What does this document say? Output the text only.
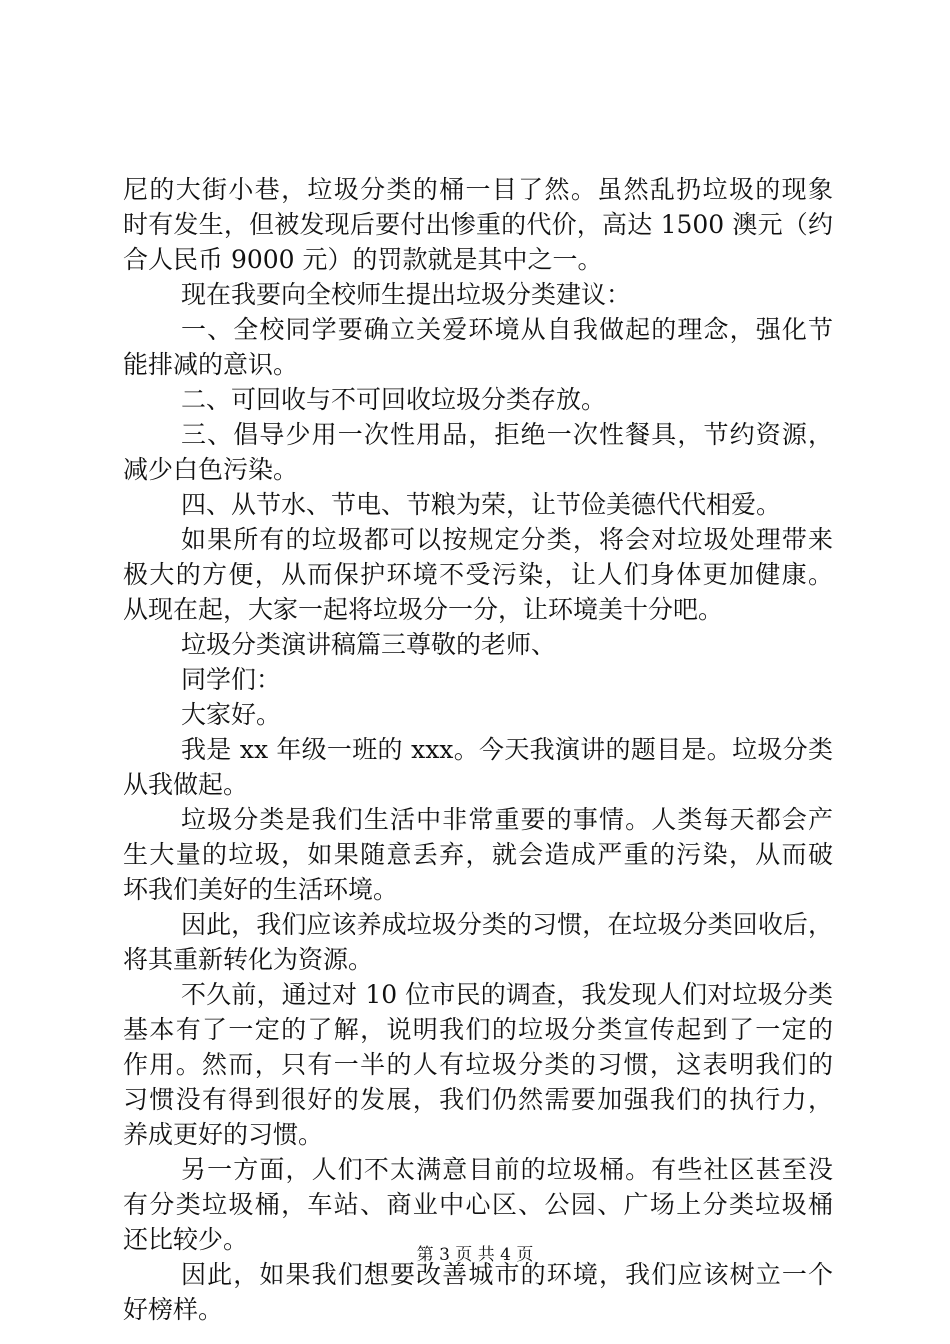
尼的大街小巷，垃圾分类的桶一目了然。虽然乱扔垃圾的现象
时有发生，但被发现后要付出惨重的代价，高达 1500 澳元（约
合人民币 9000 元）的罚款就是其中之一。
现在我要向全校师生提出垃圾分类建议：
一、全校同学要确立关爱环境从自我做起的理念，强化节
能排减的意识。
二、可回收与不可回收垃圾分类存放。
三、倡导少用一次性用品，拒绝一次性餐具，节约资源，
减少白色污染。
四、从节水、节电、节粮为荣，让节俭美德代代相爱。
如果所有的垃圾都可以按规定分类，将会对垃圾处理带来
极大的方便，从而保护环境不受污染，让人们身体更加健康。
从现在起，大家一起将垃圾分一分，让环境美十分吧。
垃圾分类演讲稿篇三尊敬的老师、
同学们：
大家好。
我是 xx 年级一班的 xxx。今天我演讲的题目是。垃圾分类
从我做起。
垃圾分类是我们生活中非常重要的事情。人类每天都会产
生大量的垃圾，如果随意丢弃，就会造成严重的污染，从而破
坏我们美好的生活环境。
因此，我们应该养成垃圾分类的习惯，在垃圾分类回收后，
将其重新转化为资源。
不久前，通过对 10 位市民的调查，我发现人们对垃圾分类
基本有了一定的了解，说明我们的垃圾分类宣传起到了一定的
作用。然而，只有一半的人有垃圾分类的习惯，这表明我们的
习惯没有得到很好的发展，我们仍然需要加强我们的执行力，
养成更好的习惯。
另一方面，人们不太满意目前的垃圾桶。有些社区甚至没
有分类垃圾桶，车站、商业中心区、公园、广场上分类垃圾桶
还比较少。
因此，如果我们想要改善城市的环境，我们应该树立一个
好榜样。
第 3 页 共 4 页
